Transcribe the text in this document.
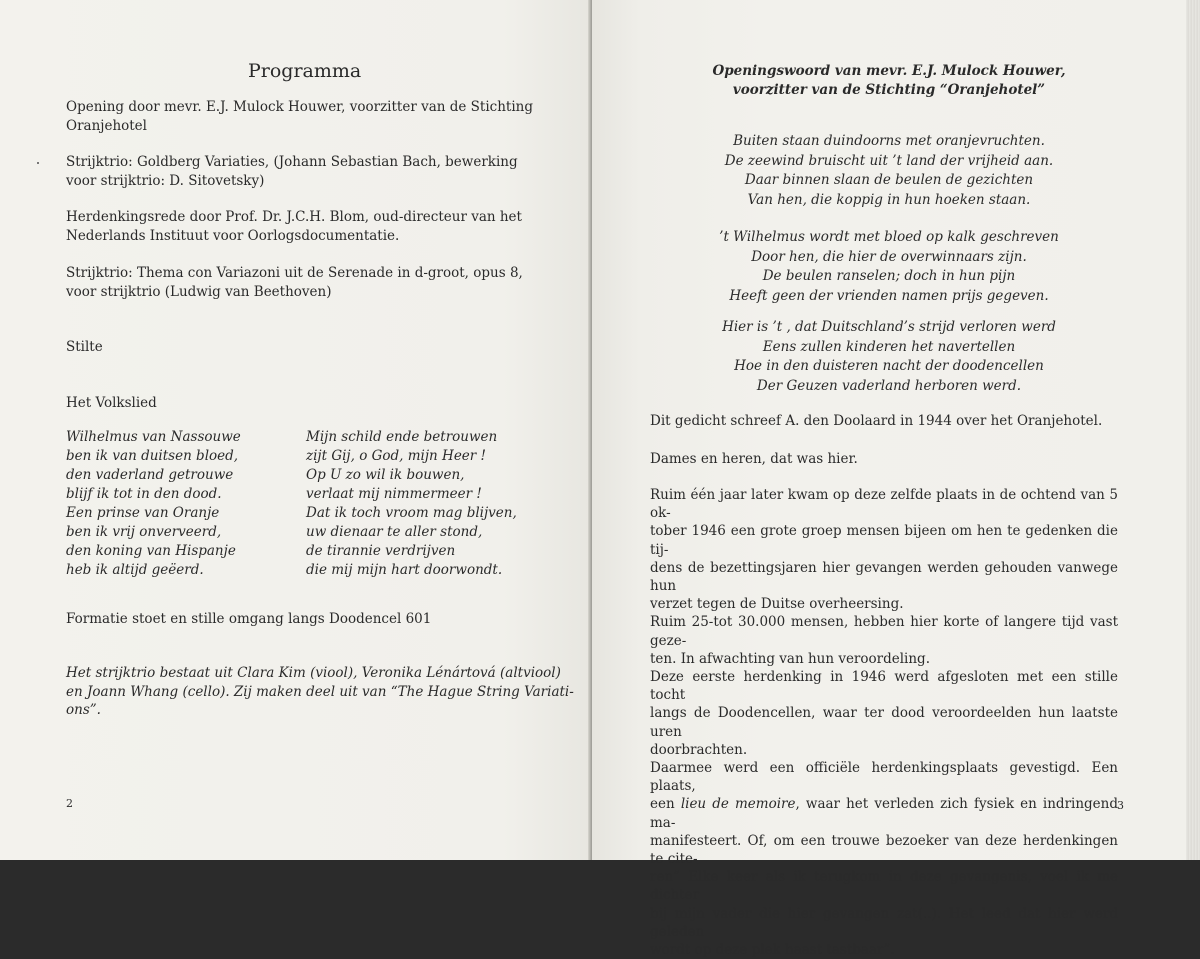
Programma
Opening door mevr. E.J. Mulock Houwer, voorzitter van de Stichting Oranjehotel
Strijktrio: Goldberg Variaties, (Johann Sebastian Bach, bewerking voor strijktrio: D. Sitovetsky)
Herdenkingsrede door Prof. Dr. J.C.H. Blom, oud-directeur van het Nederlands Instituut voor Oorlogsdocumentatie.
Strijktrio: Thema con Variazoni uit de Serenade in d-groot, opus 8, voor strijktrio (Ludwig van Beethoven)
Stilte
Het Volkslied
Wilhelmus van Nassouwe
ben ik van duitsen bloed,
den vaderland getrouwe
blijf ik tot in den dood.
Een prinse van Oranje
ben ik vrij onverveerd,
den koning van Hispanje
heb ik altijd geëerd.
Mijn schild ende betrouwen
zijt Gij, o God, mijn Heer !
Op U zo wil ik bouwen,
verlaat mij nimmermeer !
Dat ik toch vroom mag blijven,
uw dienaar te aller stond,
de tirannie verdrijven
die mij mijn hart doorwondt.
Formatie stoet en stille omgang langs Doodencel 601
Het strijktrio bestaat uit Clara Kim (viool), Veronika Lénártová (altviool)
en Joann Whang (cello). Zij maken deel uit van “The Hague String Variati-
ons”.
2
Openingswoord van mevr. E.J. Mulock Houwer,
voorzitter van de Stichting “Oranjehotel”
Buiten staan duindoorns met oranjevruchten.
De zeewind bruischt uit ’t land der vrijheid aan.
Daar binnen slaan de beulen de gezichten
Van hen, die koppig in hun hoeken staan.
’t Wilhelmus wordt met bloed op kalk geschreven
Door hen, die hier de overwinnaars zijn.
De beulen ranselen; doch in hun pijn
Heeft geen der vrienden namen prijs gegeven.
Hier is ’t , dat Duitschland’s strijd verloren werd
Eens zullen kinderen het navertellen
Hoe in den duisteren nacht der doodencellen
Der Geuzen vaderland herboren werd.
Dit gedicht schreef A. den Doolaard in 1944 over het Oranjehotel.
Dames en heren, dat was hier.
Ruim één jaar later kwam op deze zelfde plaats in de ochtend van 5 ok-
tober 1946 een grote groep mensen bijeen om hen te gedenken die tij-
dens de bezettingsjaren hier gevangen werden gehouden vanwege hun
verzet tegen de Duitse overheersing.
Ruim 25-tot 30.000 mensen, hebben hier korte of langere tijd vast geze-
ten. In afwachting van hun veroordeling.
Deze eerste herdenking in 1946 werd afgesloten met een stille tocht
langs de Doodencellen, waar ter dood veroordeelden hun laatste uren
doorbrachten.
Daarmee werd een officiële herdenkingsplaats gevestigd. Een plaats,
een lieu de memoire, waar het verleden zich fysiek en indringend ma-
manifesteert. Of, om een trouwe bezoeker van deze herdenkingen te cite-
ren” Elke keer als ik terugkom in deze gevangenis, voel ik me dichter
bij mijn vader die hier gevangen zat(..). Het leed dat hier werd geleden
wordt op deze plek haast tastbaar”.
3
